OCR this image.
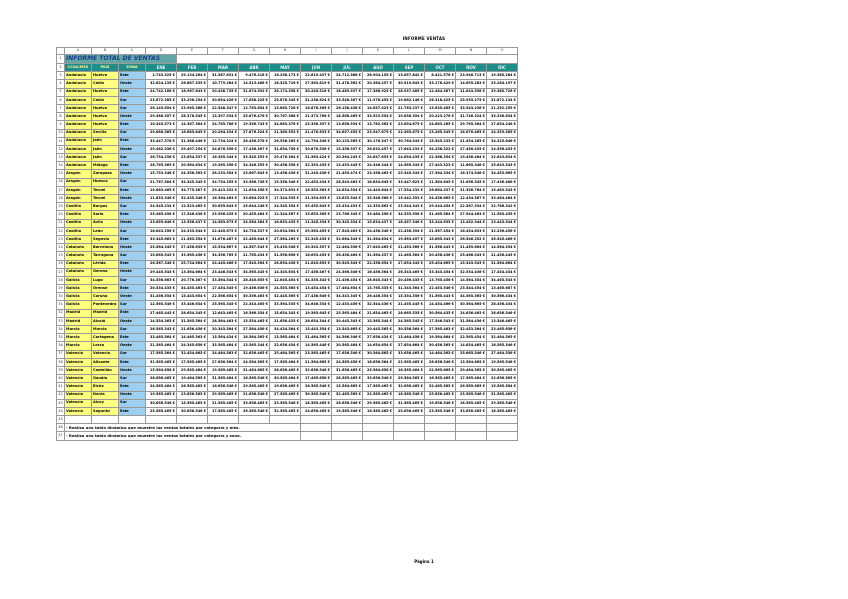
INFORME VENTAS
	A	B	C	D	E	F	G	H	I	J	K	L	M	N	O
1	INFORME TOTAL DE VENTAS														
2	CCAA/MES	PAIS	ZONA	ENE	FEB	MAR	ABR	MAY	JUN	JUL	AGO	SEP	OCT	NOV	DIC
3	Andalucía	Huelva	Este	2.743.325 €	29.134.264 €	31.567.831 €	9.476.218 €	16.258.173 €	22.619.437 €	24.712.388 €	28.904.155 €	13.657.842 €	8.421.576 €	23.946.713 €	19.385.264 €
4	Andalucía	Cádiz	Oeste	32.624.135 €	26.887.335 €	10.779.284 €	14.513.468 €	18.325.716 €	27.563.819 €	31.478.562 €	20.364.257 €	30.519.643 €	33.176.429 €	14.695.283 €	25.264.197 €
5	Andalucía	Huelva	Este	24.742.168 €	18.967.643 €	20.438.735 €	31.674.592 €	26.174.358 €	30.245.516 €	16.489.537 €	17.368.925 €	28.937.485 €	12.484.367 €	11.643.598 €	29.385.726 €
6	Andalucía	Cádiz	Sur	23.672.385 €	33.296.254 €	30.654.426 €	17.658.325 €	25.876.345 €	31.236.624 €	33.548.387 €	11.976.455 €	19.862.146 €	26.318.425 €	25.935.275 €	31.872.134 €
7	Andalucía	Huelva	Sur	26.145.654 €	23.965.368 €	22.548.347 €	12.763.654 €	13.865.726 €	16.876.365 €	26.158.438 €	14.657.423 €	21.763.237 €	13.635.465 €	33.543.236 €	21.252.255 €
8	Andalucía	Huelva	Oeste	29.386.357 €	28.376.545 €	13.397.534 €	25.676.476 €	30.767.368 €	21.373.766 €	18.568.465 €	33.523.554 €	19.836.354 €	20.223.276 €	31.746.324 €	33.336.634 €
9	Andalucía	Huelva	Este	10.345.573 €	14.367.364 €	24.765.786 €	19.356.743 €	34.683.376 €	23.356.357 €	13.656.534 €	13.762.363 €	23.654.675 €	24.663.265 €	29.765.364 €	27.854.246 €
10	Andalucía	Sevilla	Sur	29.686.565 €	16.685.845 €	20.264.334 €	27.876.324 €	21.365.553 €	21.476.633 €	34.657.455 €	23.547.675 €	22.365.675 €	23.265.345 €	16.676.465 €	24.353.565 €
11	Andalucía	Jaén	Este	33.447.378 €	31.368.446 €	12.734.324 €	28.456.578 €	26.536.265 €	14.754.346 €	30.125.565 €	30.176.347 €	30.764.543 €	15.545.233 €	21.454.265 €	34.325.646 €
12	Andalucía	Jaén	Oeste	29.462.336 €	29.497.254 €	24.876.356 €	17.436.367 €	31.654.756 €	30.876.536 €	15.356.537 €	26.632.457 €	17.643.233 €	34.256.322 €	27.456.435 €	24.556.453 €
13	Andalucía	Jaén	Sur	26.754.256 €	23.654.537 €	16.365.344 €	33.545.353 €	25.476.364 €	31.563.424 €	20.364.243 €	24.647.653 €	24.654.435 €	22.366.354 €	19.456.464 €	22.643.634 €
14	Andalucía	Málaga	Este	28.765.365 €	20.564.634 €	19.365.356 €	34.346.355 €	30.456.356 €	32.353.435 €	13.453.445 €	24.346.344 €	14.565.343 €	27.443.323 €	11.665.346 €	25.643.543 €
15	Aragón	Zaragoza	Oeste	15.753.346 €	24.356.563 €	28.233.554 €	23.667.643 €	13.456.436 €	31.245.436 €	21.455.474 €	23.356.463 €	25.345.343 €	17.364.334 €	16.374.546 €	34.453.665 €
16	Aragón	Huesca	Sur	21.767.564 €	34.345.345 €	34.754.355 €	33.566.736 €	15.356.346 €	22.453.434 €	26.543.463 €	18.854.645 €	33.447.623 €	11.564.645 €	31.656.345 €	17.436.466 €
17	Aragón	Teruel	Este	19.663.465 €	34.775.367 €	29.423.332 €	11.634.356 €	34.373.633 €	16.553.563 €	14.634.534 €	14.443.644 €	17.554.232 €	26.664.337 €	31.356.764 €	15.463.543 €
18	Aragón	Teruel	Oeste	11.653.346 €	32.435.346 €	16.364.463 €	33.664.525 €	17.344.535 €	21.354.635 €	13.635.544 €	33.546.566 €	15.442.353 €	24.456.665 €	12.434.567 €	33.464.464 €
19	Castilla	Burgos	Sur	24.545.234 €	12.523.465 €	30.655.643 €	25.644.246 €	24.345.354 €	33.455.643 €	25.434.433 €	12.353.663 €	23.544.343 €	29.244.454 €	22.567.334 €	22.766.342 €
20	Castilla	Soria	Este	25.465.456 €	17.546.436 €	23.556.435 €	20.455.464 €	12.344.567 €	15.653.365 €	23.766.345 €	33.464.356 €	34.535.556 €	31.465.564 €	27.544.463 €	11.563.455 €
21	Castilla	Ávila	Oeste	23.655.646 €	13.556.437 €	14.563.675 €	24.564.364 €	16.653.435 €	11.345.334 €	30.345.334 €	15.634.437 €	18.457.346 €	33.244.635 €	13.452.344 €	23.443.544 €
22	Castilla	León	Sur	18.643.356 €	24.333.544 €	22.445.675 €	34.754.337 €	20.634.564 €	29.563.455 €	17.545.463 €	24.436.346 €	22.436.354 €	21.567.454 €	16.454.653 €	32.336.456 €
23	Castilla	Segovia	Este	33.345.663 €	21.563.354 €	31.676.467 €	22.465.644 €	27.564.265 €	32.345.435 €	32.664.545 €	31.564.634 €	19.563.457 €	15.665.343 €	26.546.352 €	26.545.466 €
24	Cataluña	Barcelona	Oeste	25.564.345 €	27.456.635 €	15.534.667 €	14.367.543 €	23.435.546 €	20.543.357 €	12.464.536 €	27.643.465 €	21.453.566 €	31.566.443 €	21.455.664 €	14.564.354 €
25	Cataluña	Tarragona	Sur	15.665.543 €	33.565.456 €	34.356.765 €	21.765.434 €	31.556.656 €	18.653.453 €	26.456.464 €	31.564.337 €	12.465.564 €	20.456.436 €	25.466.543 €	21.456.445 €
26	Cataluña	Lérida	Este	26.567.346 €	25.734.564 €	24.445.466 €	17.543.564 €	26.654.436 €	21.645.653 €	30.545.545 €	22.356.654 €	27.654.343 €	25.454.665 €	15.343.543 €	31.564.664 €
27	Cataluña	Gerona	Oeste	29.445.543 €	13.564.664 €	23.446.543 €	34.565.445 €	14.345.634 €	17.456.467 €	24.366.546 €	16.456.564 €	26.343.465 €	33.343.454 €	32.534.436 €	17.454.434 €
28	Galicia	Lugo	Sur	34.556.663 €	20.776.367 €	33.564.544 €	28.345.655 €	12.645.454 €	34.535.343 €	21.456.454 €	28.645.343 €	20.456.435 €	13.765.456 €	14.564.354 €	34.465.543 €
29	Galicia	Orense	Este	20.534.435 €	34.455.463 €	17.454.545 €	19.456.636 €	24.553.565 €	13.454.454 €	17.464.654 €	13.765.335 €	31.343.564 €	22.453.546 €	23.544.454 €	13.465.667 €
30	Galicia	Coruña	Oeste	31.456.554 €	15.443.654 €	22.566.654 €	30.556.463 €	32.445.565 €	27.436.646 €	34.343.345 €	26.446.354 €	15.354.356 €	31.565.443 €	34.565.565 €	30.566.434 €
31	Galicia	Pontevedra	Sur	12.565.546 €	33.446.634 €	25.565.345 €	22.343.465 €	33.564.535 €	34.646.534 €	12.453.456 €	32.544.436 €	21.455.445 €	14.454.466 €	30.564.665 €	28.456.434 €
32	Madrid	Madrid	Este	27.465.445 €	28.654.345 €	12.643.465 €	16.566.354 €	15.654.343 €	19.565.645 €	25.565.464 €	21.654.465 €	28.665.535 €	30.564.435 €	24.656.465 €	26.656.546 €
33	Madrid	Alcalá	Oeste	14.554.365 €	31.565.564 €	28.564.463 €	15.554.465 €	21.656.435 €	26.654.344 €	30.445.343 €	15.565.344 €	24.565.545 €	17.546.543 €	31.564.456 €	13.546.465 €
34	Murcia	Murcia	Sur	26.565.343 €	21.656.456 €	20.343.564 €	27.564.456 €	34.434.564 €	15.443.354 €	13.543.665 €	20.445.565 €	30.556.564 €	27.565.463 €	32.453.564 €	23.465.656 €
35	Murcia	Cartagena	Este	33.465.564 €	14.465.563 €	15.564.434 €	18.564.565 €	13.565.464 €	31.464.565 €	34.566.346 €	27.656.434 €	13.464.456 €	19.564.664 €	22.565.454 €	32.464.565 €
36	Murcia	Lorca	Oeste	21.565.464 €	24.345.656 €	33.565.464 €	13.565.344 €	22.656.454 €	14.565.446 €	20.565.464 €	14.654.654 €	27.654.664 €	30.456.565 €	14.654.465 €	16.565.346 €
37	Valencia	Valencia	Sur	17.565.564 €	32.454.665 €	24.464.563 €	32.656.465 €	25.464.565 €	23.565.465 €	17.656.546 €	30.564.665 €	33.656.465 €	14.464.565 €	25.665.546 €	27.464.556 €
38	Valencia	Alicante	Este	31.565.465 €	17.565.465 €	27.656.564 €	24.564.565 €	17.565.464 €	21.564.665 €	24.565.456 €	18.656.564 €	22.565.465 €	28.656.546 €	13.564.665 €	19.565.546 €
39	Valencia	Castellón	Oeste	15.564.656 €	29.565.464 €	19.565.465 €	31.464.665 €	28.656.465 €	32.656.546 €	31.656.465 €	25.564.656 €	16.565.464 €	22.565.665 €	29.464.565 €	30.565.465 €
40	Valencia	Gandía	Sur	28.656.465 €	19.464.565 €	31.565.464 €	16.565.546 €	30.565.464 €	17.465.656 €	28.565.465 €	33.656.546 €	29.564.565 €	16.565.465 €	17.565.464 €	22.656.565 €
41	Valencia	Elche	Este	24.565.464 €	26.565.465 €	16.656.546 €	29.565.465 €	19.656.465 €	26.565.546 €	15.564.665 €	17.565.465 €	32.656.465 €	32.465.565 €	26.565.665 €	15.565.564 €
42	Valencia	Denia	Oeste	19.565.465 €	23.656.565 €	29.565.465 €	21.656.546 €	27.565.465 €	30.565.546 €	32.465.565 €	22.565.465 €	18.565.546 €	25.656.465 €	23.565.546 €	31.565.465 €
43	Valencia	Alcoy	Sur	30.656.546 €	15.565.465 €	21.565.465 €	33.656.465 €	23.565.546 €	18.565.465 €	26.656.546 €	29.565.465 €	31.565.465 €	19.656.546 €	18.565.465 €	29.565.546 €
44	Valencia	Sagunto	Este	25.565.465 €	30.656.546 €	17.565.465 €	26.565.546 €	32.565.465 €	24.656.465 €	19.565.546 €	16.565.465 €	25.656.465 €	23.565.546 €	33.656.465 €	18.565.465 €
45															
46	- Realiza una tabla dinámica que muestre las ventas totales por categoría y mes.														
47	- Realiza una tabla dinámica que muestre las ventas totales por categoría y zona.														
Página 1
